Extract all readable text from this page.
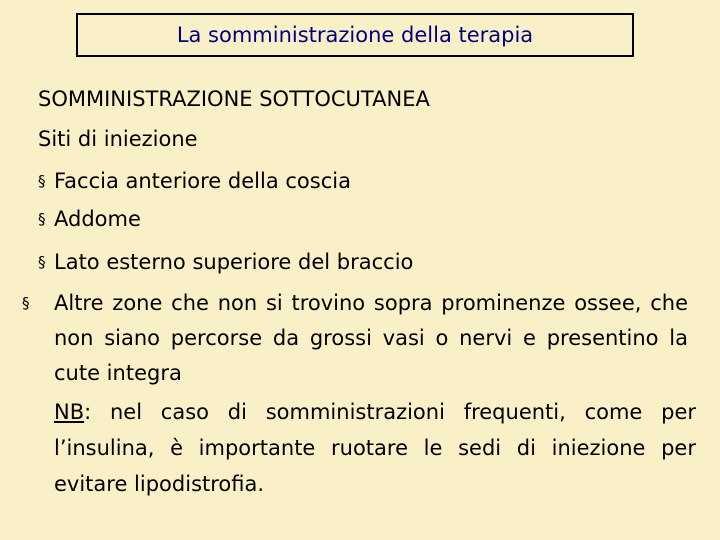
La somministrazione della terapia
SOMMINISTRAZIONE SOTTOCUTANEA
Siti di iniezione
§ Faccia anteriore della coscia
§ Addome
§ Lato esterno superiore del braccio
§ Altre zone che non si trovino sopra prominenze ossee, che non siano percorse da grossi vasi o nervi e presentino la cute integra
NB: nel caso di somministrazioni frequenti, come per l’insulina, è importante ruotare le sedi di iniezione per evitare lipodistrofia.
